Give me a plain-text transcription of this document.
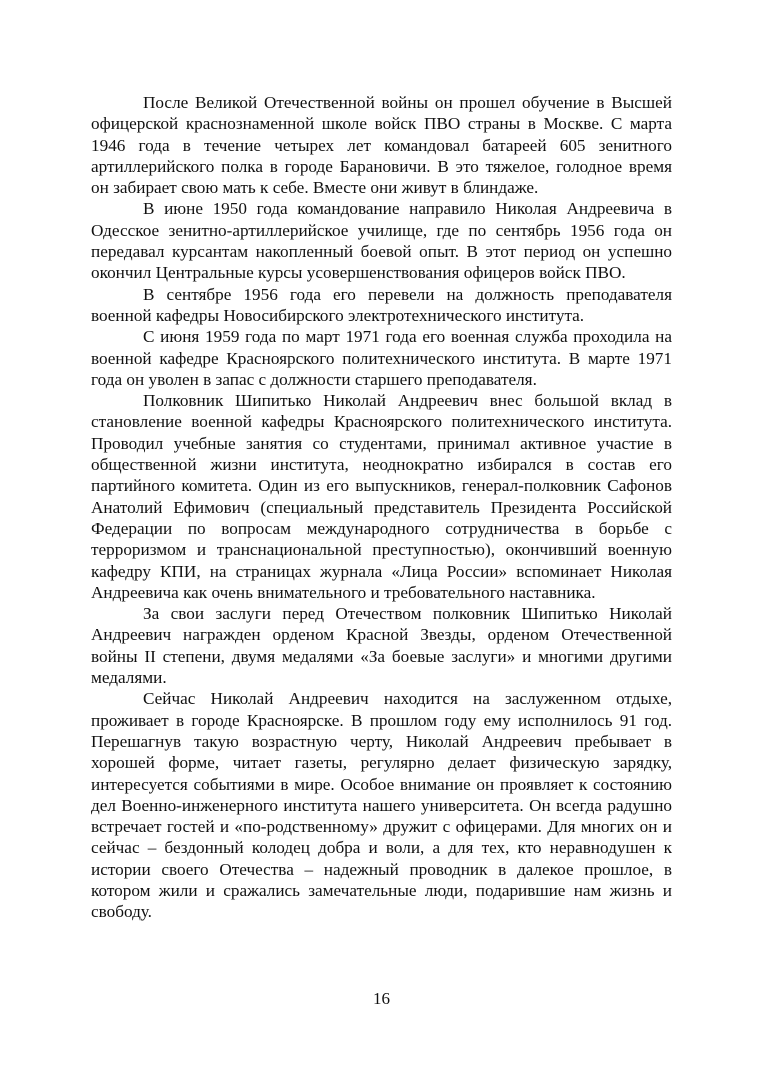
После Великой Отечественной войны он прошел обучение в Высшей офицерской краснознаменной школе войск ПВО страны в Москве. С марта 1946 года в течение четырех лет командовал батареей 605 зенитного артиллерийского полка в городе Барановичи. В это тяжелое, голодное время он забирает свою мать к себе. Вместе они живут в блиндаже.

В июне 1950 года командование направило Николая Андреевича в Одесское зенитно-артиллерийское училище, где по сентябрь 1956 года он передавал курсантам накопленный боевой опыт. В этот период он успешно окончил Центральные курсы усовершенствования офицеров войск ПВО.

В сентябре 1956 года его перевели на должность преподавателя военной кафедры Новосибирского электротехнического института.

С июня 1959 года по март 1971 года его военная служба проходила на военной кафедре Красноярского политехнического института. В марте 1971 года он уволен в запас с должности старшего преподавателя.

Полковник Шипитько Николай Андреевич внес большой вклад в становление военной кафедры Красноярского политехнического института. Проводил учебные занятия со студентами, принимал активное участие в общественной жизни института, неоднократно избирался в состав его партийного комитета. Один из его выпускников, генерал-полковник Сафонов Анатолий Ефимович (специальный представитель Президента Российской Федерации по вопросам международного сотрудничества в борьбе с терроризмом и транснациональной преступностью), окончивший военную кафедру КПИ, на страницах журнала «Лица России» вспоминает Николая Андреевича как очень внимательного и требовательного наставника.

За свои заслуги перед Отечеством полковник Шипитько Николай Андреевич награжден орденом Красной Звезды, орденом Отечественной войны II степени, двумя медалями «За боевые заслуги» и многими другими медалями.

Сейчас Николай Андреевич находится на заслуженном отдыхе, проживает в городе Красноярске. В прошлом году ему исполнилось 91 год. Перешагнув такую возрастную черту, Николай Андреевич пребывает в хорошей форме, читает газеты, регулярно делает физическую зарядку, интересуется событиями в мире. Особое внимание он проявляет к состоянию дел Военно-инженерного института нашего университета. Он всегда радушно встречает гостей и «по-родственному» дружит с офицерами. Для многих он и сейчас – бездонный колодец добра и воли, а для тех, кто неравнодушен к истории своего Отечества – надежный проводник в далекое прошлое, в котором жили и сражались замечательные люди, подарившие нам жизнь и свободу.

16
